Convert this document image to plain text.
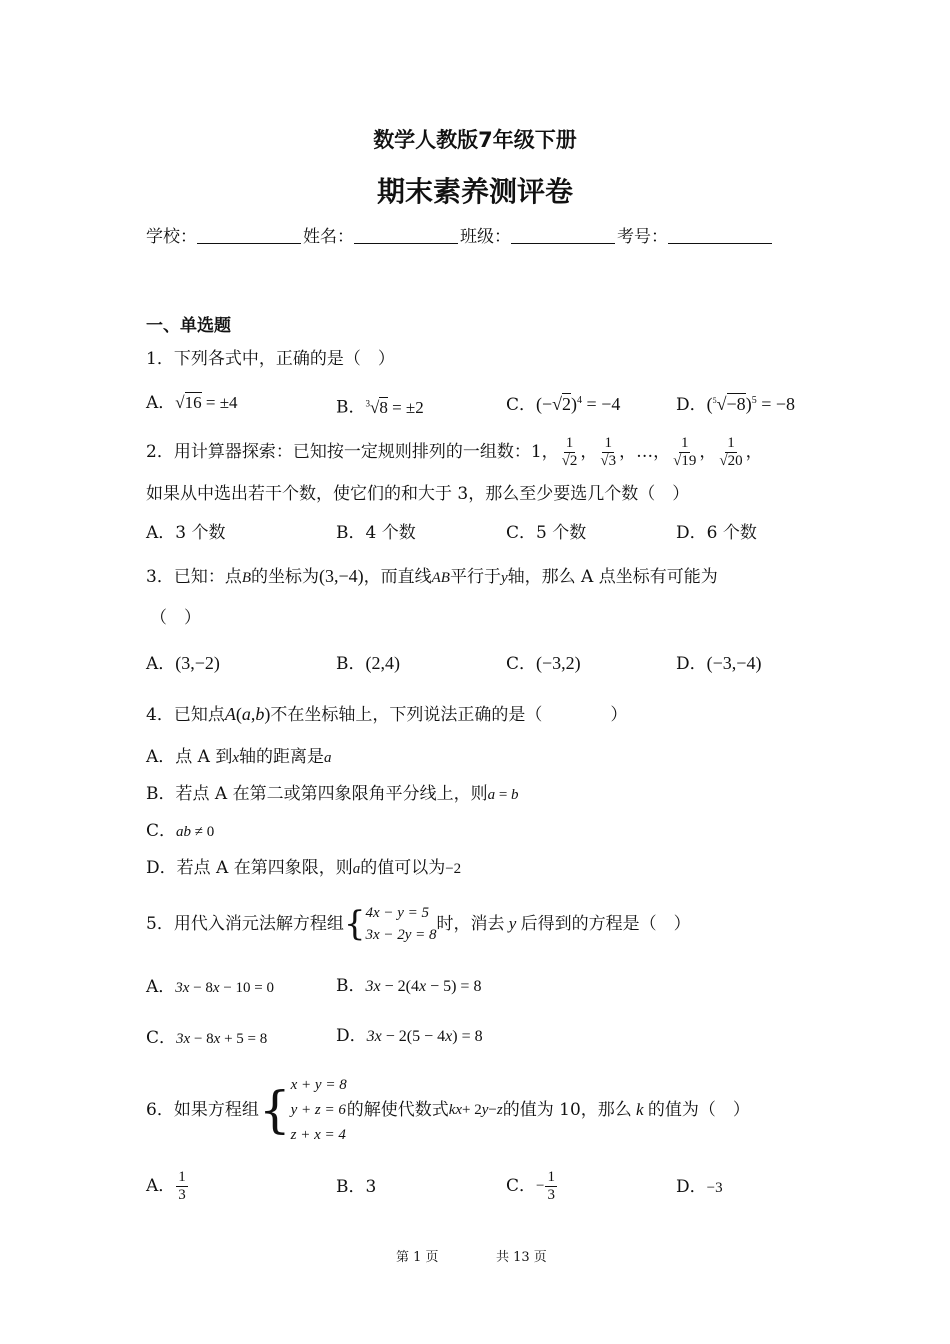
数学人教版7年级下册
期末素养测评卷
学校：	姓名：	班级：	考号：
一、单选题
1．下列各式中，正确的是（　）
A．√16 = ±4	B．$^3$√8 = ±2	C．$(-√2)^4 = -4$	D．$(^5√-8)^5 = -8$
2．用计算器探索：已知按一定规则排列的一组数：1， $\frac{1}{√2}$ ， $\frac{1}{√3}$ ，…， $\frac{1}{√19}$ ， $\frac{1}{√20}$ ，
如果从中选出若干个数，使它们的和大于 3，那么至少要选几个数（　）
A．3 个数	B．4 个数	C．5 个数	D．6 个数
3．已知：点B的坐标为(3,−4)，而直线AB平行于y轴，那么 A 点坐标有可能为
（　）
A．(3,−2)	B．(2,4)	C．(−3,2)	D．(−3,−4)
4．已知点A(a,b)不在坐标轴上，下列说法正确的是（　　　　）
A．点 A 到x轴的距离是a
B．若点 A 在第二或第四象限角平分线上，则a = b
C．ab ≠ 0
D．若点 A 在第四象限，则a的值可以为−2
5．用代入消元法解方程组 { 4x − y = 5
3x − 2y = 8
时，消去 y 后得到的方程是（　）
A．3x − 8x − 10 = 0	B．3x − 2(4x − 5) = 8
C．3x − 8x + 5 = 8	D．3x − 2(5 − 4x) = 8
6．如果方程组 { x + y = 8
y + z = 6
z + x = 4
的解使代数式 kx + 2 y − z 的值为 10，那么 k 的值为（　）
A． $\frac{1}{3}$	B．3	C． − $\frac{1}{3}$	D．−3
第 1 页	共 13 页
